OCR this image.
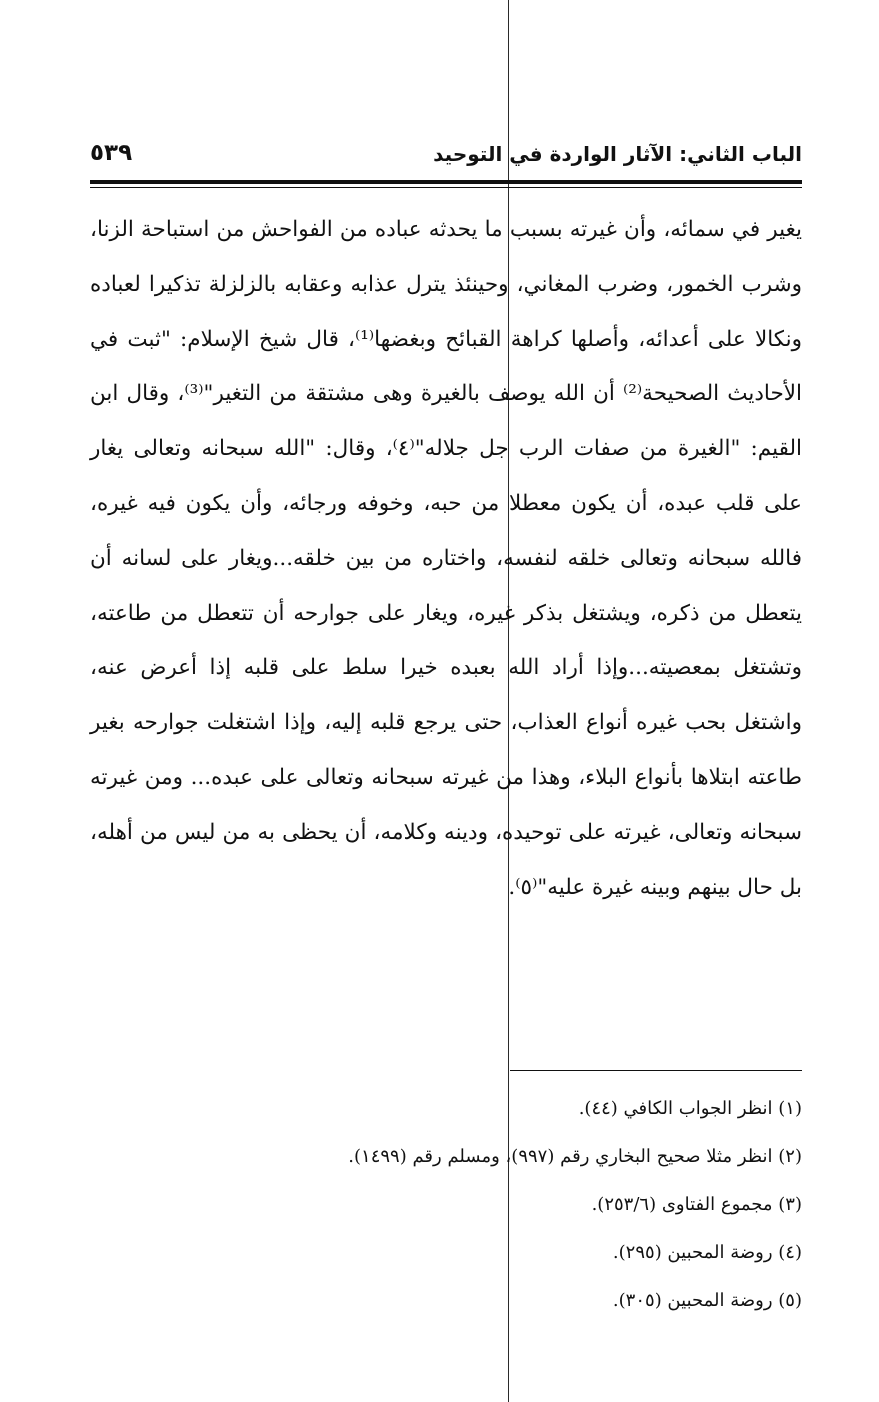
الباب الثاني: الآثار الواردة في التوحيد
٥٣٩

يغير في سمائه، وأن غيرته بسبب ما يحدثه عباده من الفواحش من استباحة الزنا، وشرب الخمور، وضرب المغاني، وحينئذ يترل عذابه وعقابه بالزلزلة تذكيرا لعباده ونكالا على أعدائه، وأصلها كراهة القبائح وبغضها⁽¹⁾، قال شيخ الإسلام: "ثبت في الأحاديث الصحيحة⁽²⁾ أن الله يوصف بالغيرة وهى مشتقة من التغير"⁽³⁾، وقال ابن القيم: "الغيرة من صفات الرب جل جلاله"⁽٤⁾، وقال: "الله سبحانه وتعالى يغار على قلب عبده، أن يكون معطلا من حبه، وخوفه ورجائه، وأن يكون فيه غيره، فالله سبحانه وتعالى خلقه لنفسه، واختاره من بين خلقه...ويغار على لسانه أن يتعطل من ذكره، ويشتغل بذكر غيره، ويغار على جوارحه أن تتعطل من طاعته، وتشتغل بمعصيته...وإذا أراد الله بعبده خيرا سلط على قلبه إذا أعرض عنه، واشتغل بحب غيره أنواع العذاب، حتى يرجع قلبه إليه، وإذا اشتغلت جوارحه بغير طاعته ابتلاها بأنواع البلاء، وهذا من غيرته سبحانه وتعالى على عبده... ومن غيرته سبحانه وتعالى، غيرته على توحيده، ودينه وكلامه، أن يحظى به من ليس من أهله، بل حال بينهم وبينه غيرة عليه"⁽٥⁾.

(١) انظر الجواب الكافي (٤٤).
(٢) انظر مثلا صحيح البخاري رقم (٩٩٧)، ومسلم رقم (١٤٩٩).
(٣) مجموع الفتاوى (٢٥٣/٦).
(٤) روضة المحبين (٢٩٥).
(٥) روضة المحبين (٣٠٥).
